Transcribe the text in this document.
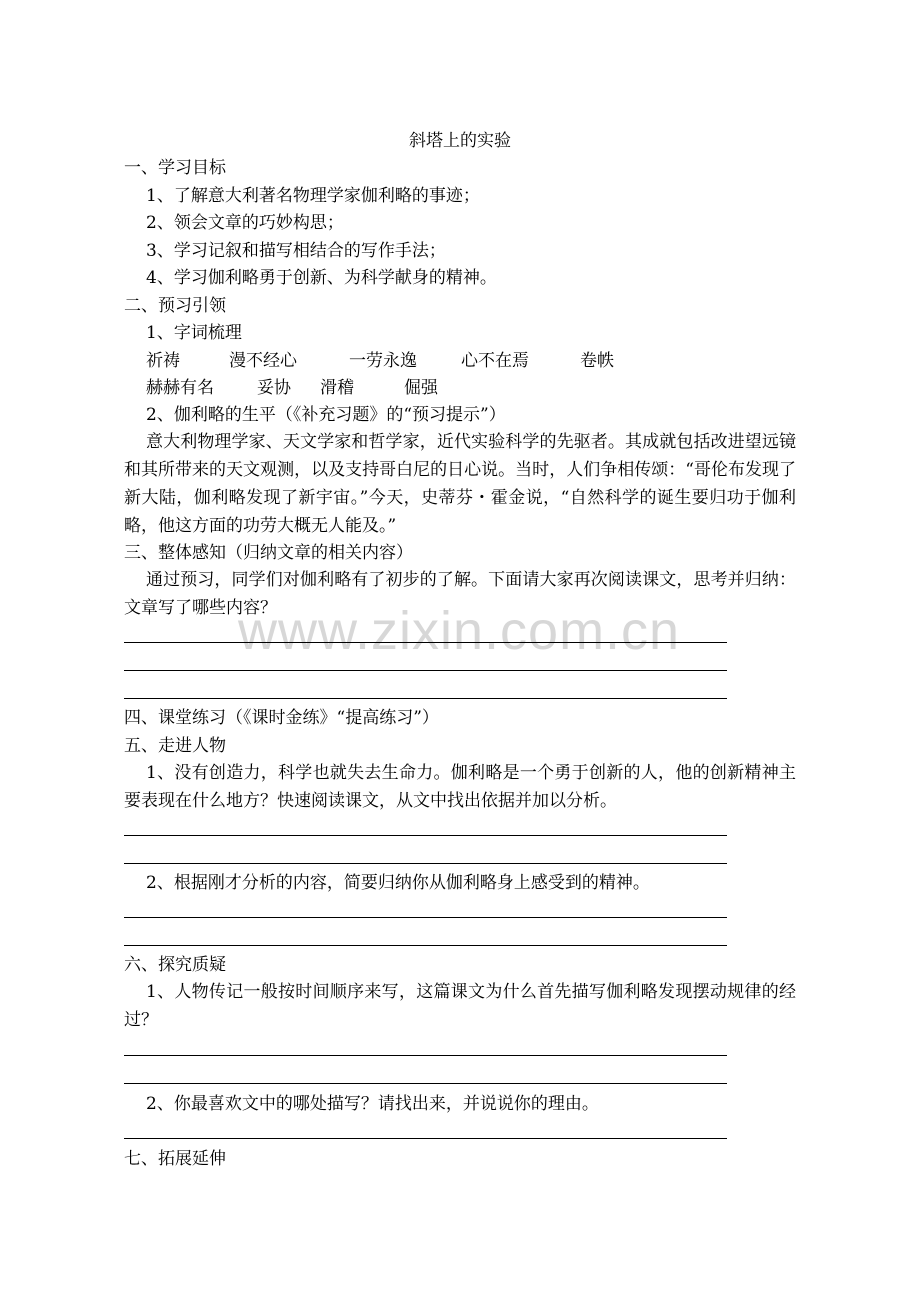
www.zixin.com.cn
斜塔上的实验
一、学习目标
1、了解意大利著名物理学家伽利略的事迹；
2、领会文章的巧妙构思；
3、学习记叙和描写相结合的写作手法；
4、学习伽利略勇于创新、为科学献身的精神。
二、预习引领
1、字词梳理
祈祷	漫不经心	一劳永逸	心不在焉	卷帙
赫赫有名	妥协 滑稽	倔强
2、伽利略的生平（《补充习题》的“预习提示”）
意大利物理学家、天文学家和哲学家，近代实验科学的先驱者。其成就包括改进望远镜和其所带来的天文观测，以及支持哥白尼的日心说。当时，人们争相传颂：“哥伦布发现了新大陆，伽利略发现了新宇宙。”今天，史蒂芬・霍金说，“自然科学的诞生要归功于伽利略，他这方面的功劳大概无人能及。”
三、整体感知（归纳文章的相关内容）
通过预习，同学们对伽利略有了初步的了解。下面请大家再次阅读课文，思考并归纳：文章写了哪些内容？
四、课堂练习（《课时金练》“提高练习”）
五、走进人物
1、没有创造力，科学也就失去生命力。伽利略是一个勇于创新的人，他的创新精神主要表现在什么地方？快速阅读课文，从文中找出依据并加以分析。
2、根据刚才分析的内容，简要归纳你从伽利略身上感受到的精神。
六、探究质疑
1、人物传记一般按时间顺序来写，这篇课文为什么首先描写伽利略发现摆动规律的经过？
2、你最喜欢文中的哪处描写？请找出来，并说说你的理由。
七、拓展延伸
